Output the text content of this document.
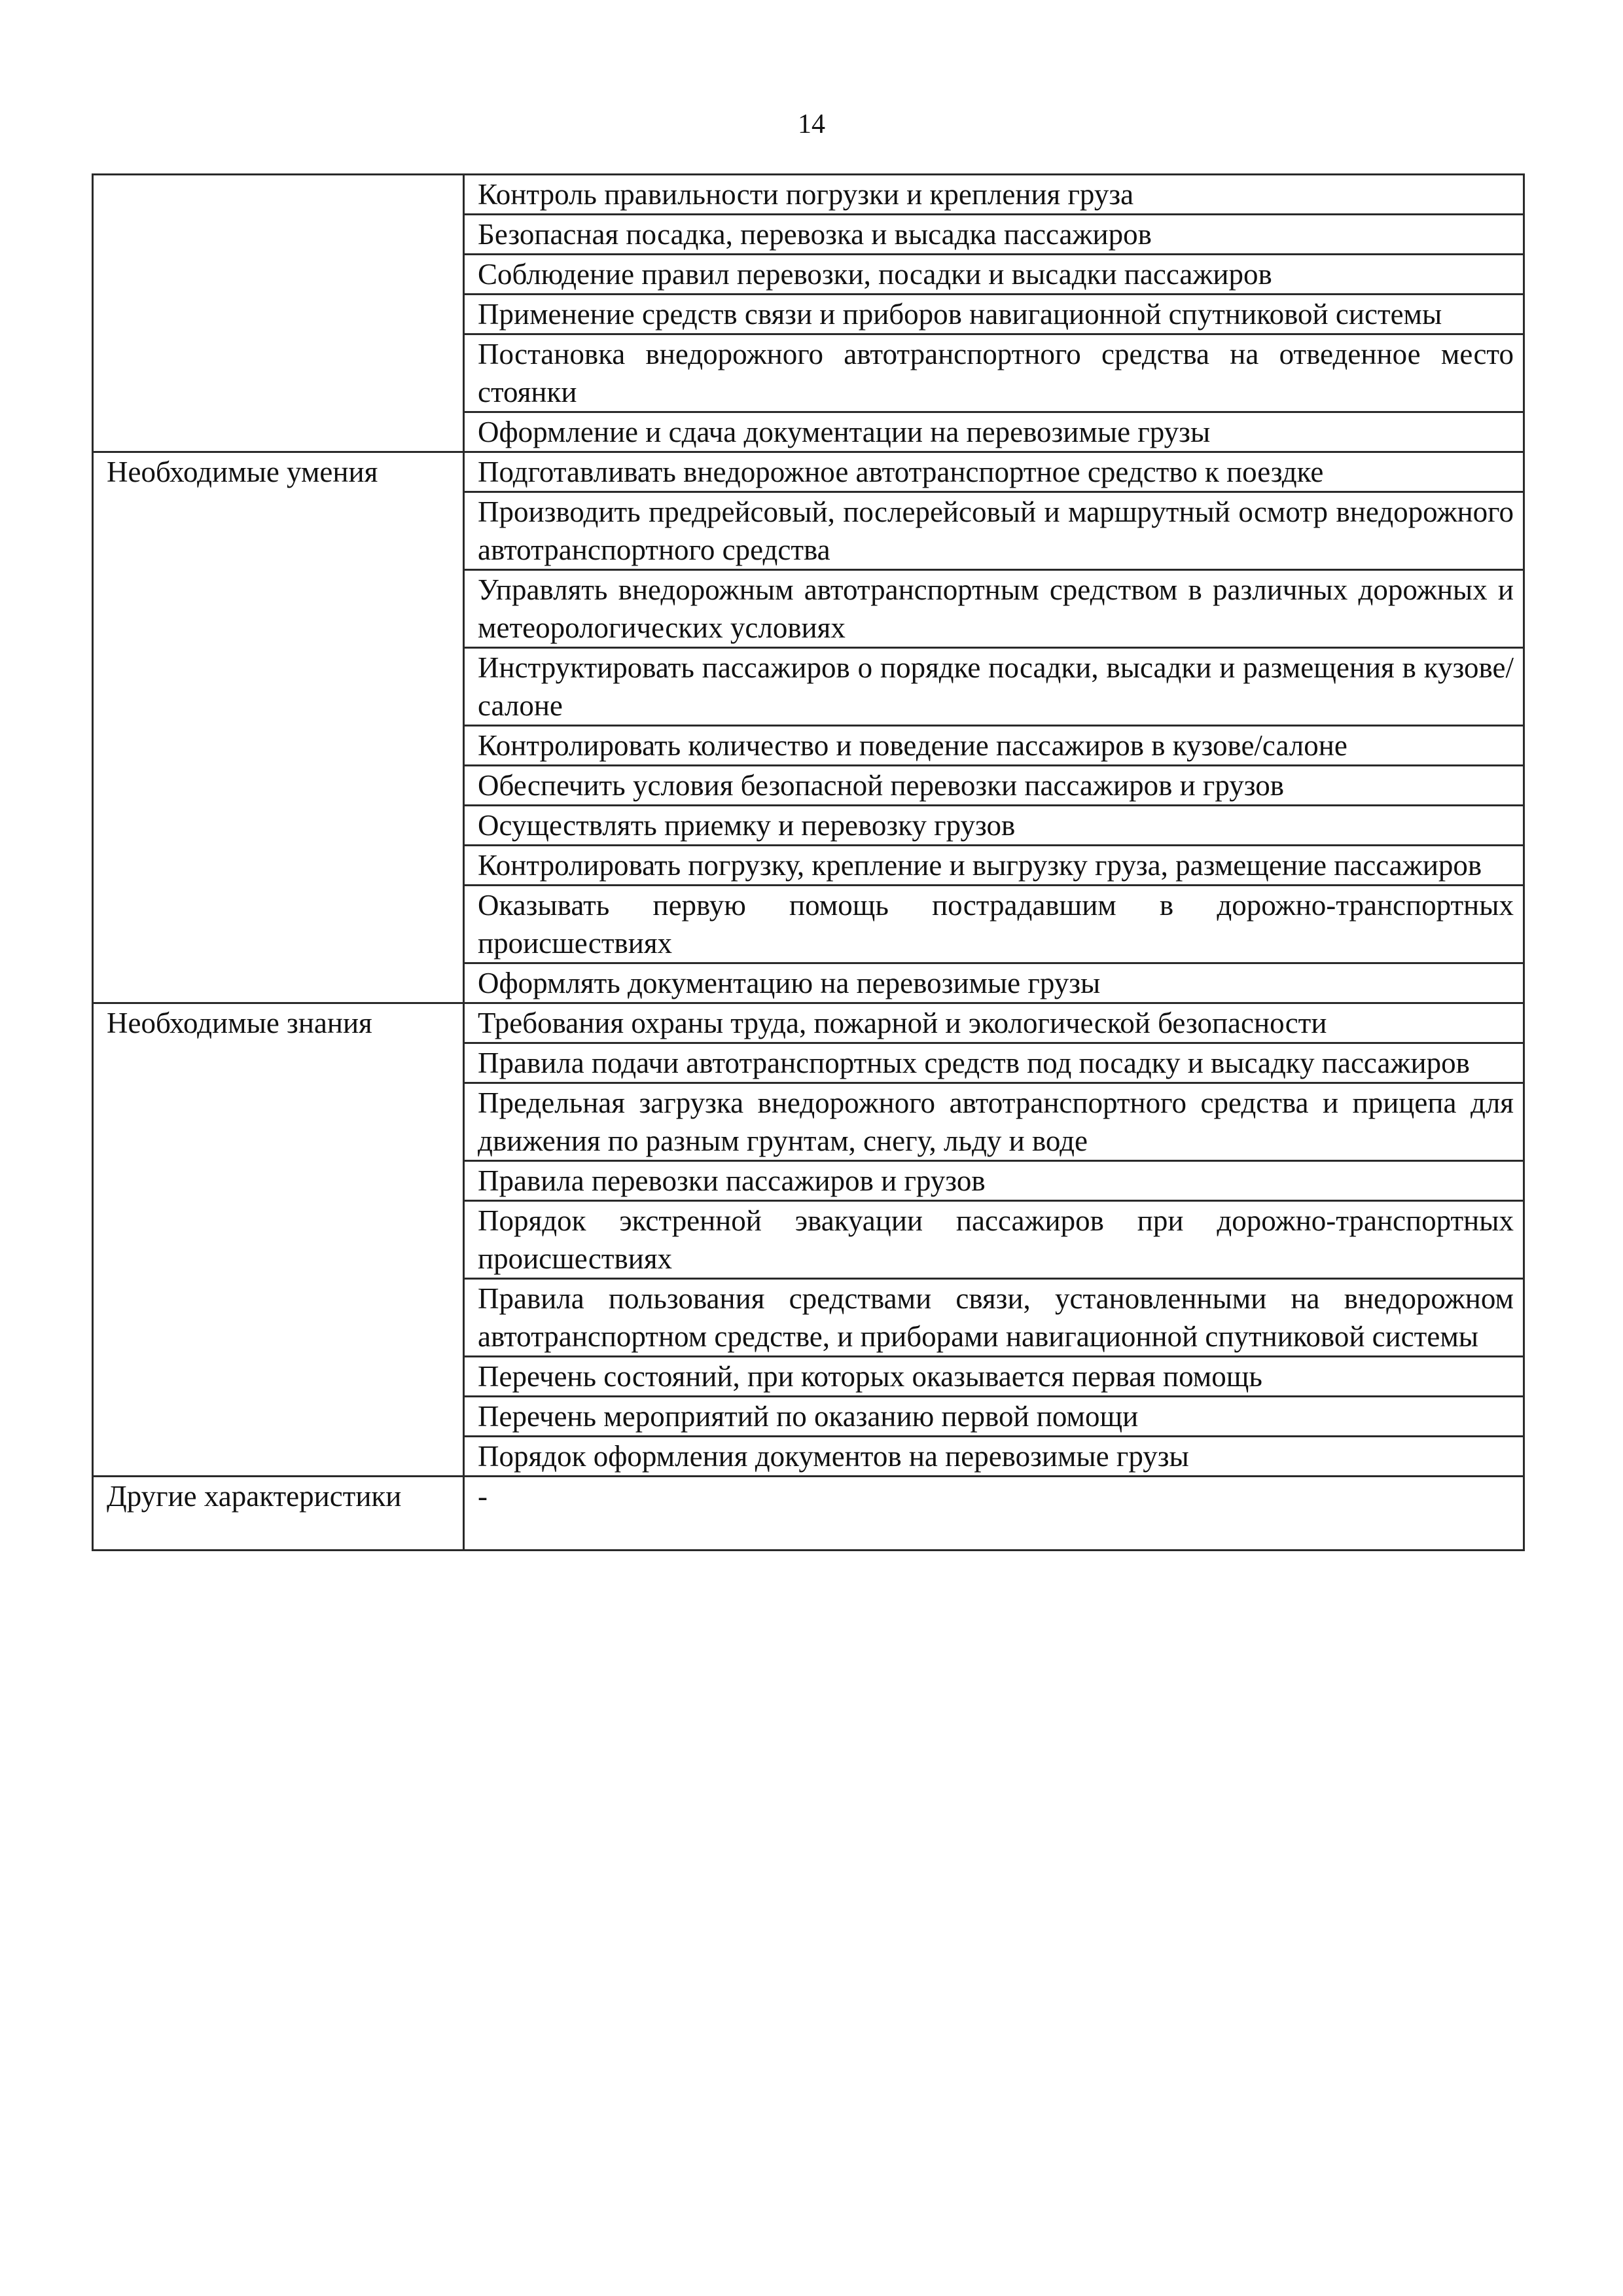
14
	Контроль правильности погрузки и крепления груза
	Безопасная посадка, перевозка и высадка пассажиров
	Соблюдение правил перевозки, посадки и высадки пассажиров
	Применение средств связи и приборов навигационной спутниковой системы
	Постановка внедорожного автотранспортного средства на отведенное место стоянки
	Оформление и сдача документации на перевозимые грузы
Необходимые умения	Подготавливать внедорожное автотранспортное средство к поездке
	Производить предрейсовый, послерейсовый и маршрутный осмотр внедорожного автотранспортного средства
	Управлять внедорожным автотранспортным средством в различных дорожных и метеорологических условиях
	Инструктировать пассажиров о порядке посадки, высадки и размещения в кузове/салоне
	Контролировать количество и поведение пассажиров в кузове/салоне
	Обеспечить условия безопасной перевозки пассажиров и грузов
	Осуществлять приемку и перевозку грузов
	Контролировать погрузку, крепление и выгрузку груза, размещение пассажиров
	Оказывать первую помощь пострадавшим в дорожно-транспортных происшествиях
	Оформлять документацию на перевозимые грузы
Необходимые знания	Требования охраны труда, пожарной и экологической безопасности
	Правила подачи автотранспортных средств под посадку и высадку пассажиров
	Предельная загрузка внедорожного автотранспортного средства и прицепа для движения по разным грунтам, снегу, льду и воде
	Правила перевозки пассажиров и грузов
	Порядок экстренной эвакуации пассажиров при дорожно-транспортных происшествиях
	Правила пользования средствами связи, установленными на внедорожном автотранспортном средстве, и приборами навигационной спутниковой системы
	Перечень состояний, при которых оказывается первая помощь
	Перечень мероприятий по оказанию первой помощи
	Порядок оформления документов на перевозимые грузы
Другие характеристики	-
